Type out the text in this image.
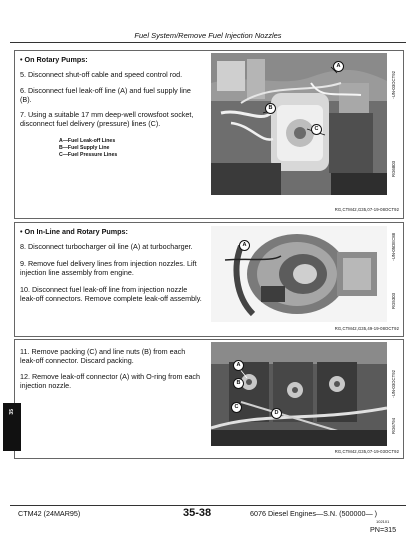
Fuel System/Remove Fuel Injection Nozzles
• On Rotary Pumps:
5. Disconnect shut-off cable and speed control rod.
6. Disconnect fuel leak-off line (A) and fuel supply line
(B).
7. Using a suitable 17 mm deep-well crowsfoot socket,
disconnect fuel delivery (pressure) lines (C).
A—Fuel Leak-off Lines
B—Fuel Supply Line
C—Fuel Pressure Lines
A
B
C
-UN-03OCT92
RG6803
RG,CTM42,G35,07-19-08OCT92
• On In-Line and Rotary Pumps:
8. Disconnect turbocharger oil line (A) at turbocharger.
9. Remove fuel delivery lines from injection nozzles. Lift
injection line assembly from engine.
10. Disconnect fuel leak-off line from injection nozzle
leak-off connectors. Remove complete leak-off assembly.
A	-UN-05DEC88
RG5303
RG,CTM42,G35,49-19-08OCT92
11. Remove packing (C) and line nuts (B) from each
leak-off connector. Discard packing.
12. Remove leak-off connector (A) with O-ring from each
injection nozzle.
A
B
C
D
-UN-03OCT92
RG6794
RG,CTM42,G35,07-19-03OCT92
35
CTM42 (24MAR95)	35-38	6076 Diesel Engines—S.N. (500000— )
102101
PN=315
